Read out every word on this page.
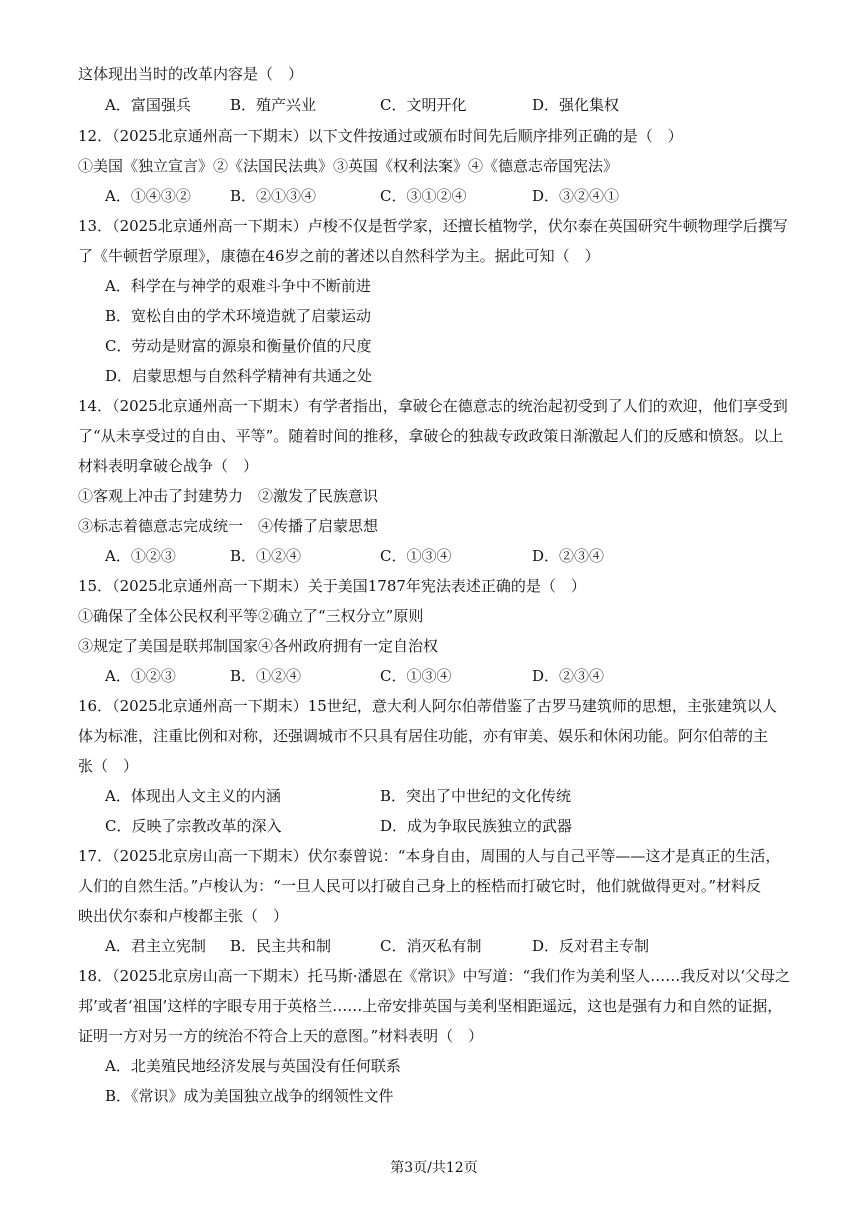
这体现出当时的改革内容是（　）
A．富国强兵	B．殖产兴业	C．文明开化	D．强化集权
12．（2025北京通州高一下期末）以下文件按通过或颁布时间先后顺序排列正确的是（　）
①美国《独立宣言》②《法国民法典》③英国《权利法案》④《德意志帝国宪法》
A．①④③②	B．②①③④	C．③①②④	D．③②④①
13．（2025北京通州高一下期末）卢梭不仅是哲学家，还擅长植物学，伏尔泰在英国研究牛顿物理学后撰写
了《牛顿哲学原理》，康德在46岁之前的著述以自然科学为主。据此可知（　）
A．科学在与神学的艰难斗争中不断前进
B．宽松自由的学术环境造就了启蒙运动
C．劳动是财富的源泉和衡量价值的尺度
D．启蒙思想与自然科学精神有共通之处
14．（2025北京通州高一下期末）有学者指出，拿破仑在德意志的统治起初受到了人们的欢迎，他们享受到
了“从未享受过的自由、平等”。随着时间的推移，拿破仑的独裁专政政策日渐激起人们的反感和愤怒。以上
材料表明拿破仑战争（　）
①客观上冲击了封建势力　②激发了民族意识
③标志着德意志完成统一　④传播了启蒙思想
A．①②③	B．①②④	C．①③④	D．②③④
15．（2025北京通州高一下期末）关于美国1787年宪法表述正确的是（　）
①确保了全体公民权利平等②确立了“三权分立”原则
③规定了美国是联邦制国家④各州政府拥有一定自治权
A．①②③	B．①②④	C．①③④	D．②③④
16．（2025北京通州高一下期末）15世纪，意大利人阿尔伯蒂借鉴了古罗马建筑师的思想，主张建筑以人
体为标准，注重比例和对称，还强调城市不只具有居住功能，亦有审美、娱乐和休闲功能。阿尔伯蒂的主
张（　）
A．体现出人文主义的内涵	B．突出了中世纪的文化传统
C．反映了宗教改革的深入	D．成为争取民族独立的武器
17．（2025北京房山高一下期末）伏尔泰曾说：“本身自由，周围的人与自己平等——这才是真正的生活，
人们的自然生活。”卢梭认为：“一旦人民可以打破自己身上的桎梏而打破它时，他们就做得更对。”材料反
映出伏尔泰和卢梭都主张（　）
A．君主立宪制 B．民主共和制	C．消灭私有制	D．反对君主专制
18．（2025北京房山高一下期末）托马斯·潘恩在《常识》中写道：“我们作为美利坚人……我反对以‘父母之
邦’或者‘祖国’这样的字眼专用于英格兰……上帝安排英国与美利坚相距遥远，这也是强有力和自然的证据，
证明一方对另一方的统治不符合上天的意图。”材料表明（　）
A．北美殖民地经济发展与英国没有任何联系
B．《常识》成为美国独立战争的纲领性文件
第3页/共12页
